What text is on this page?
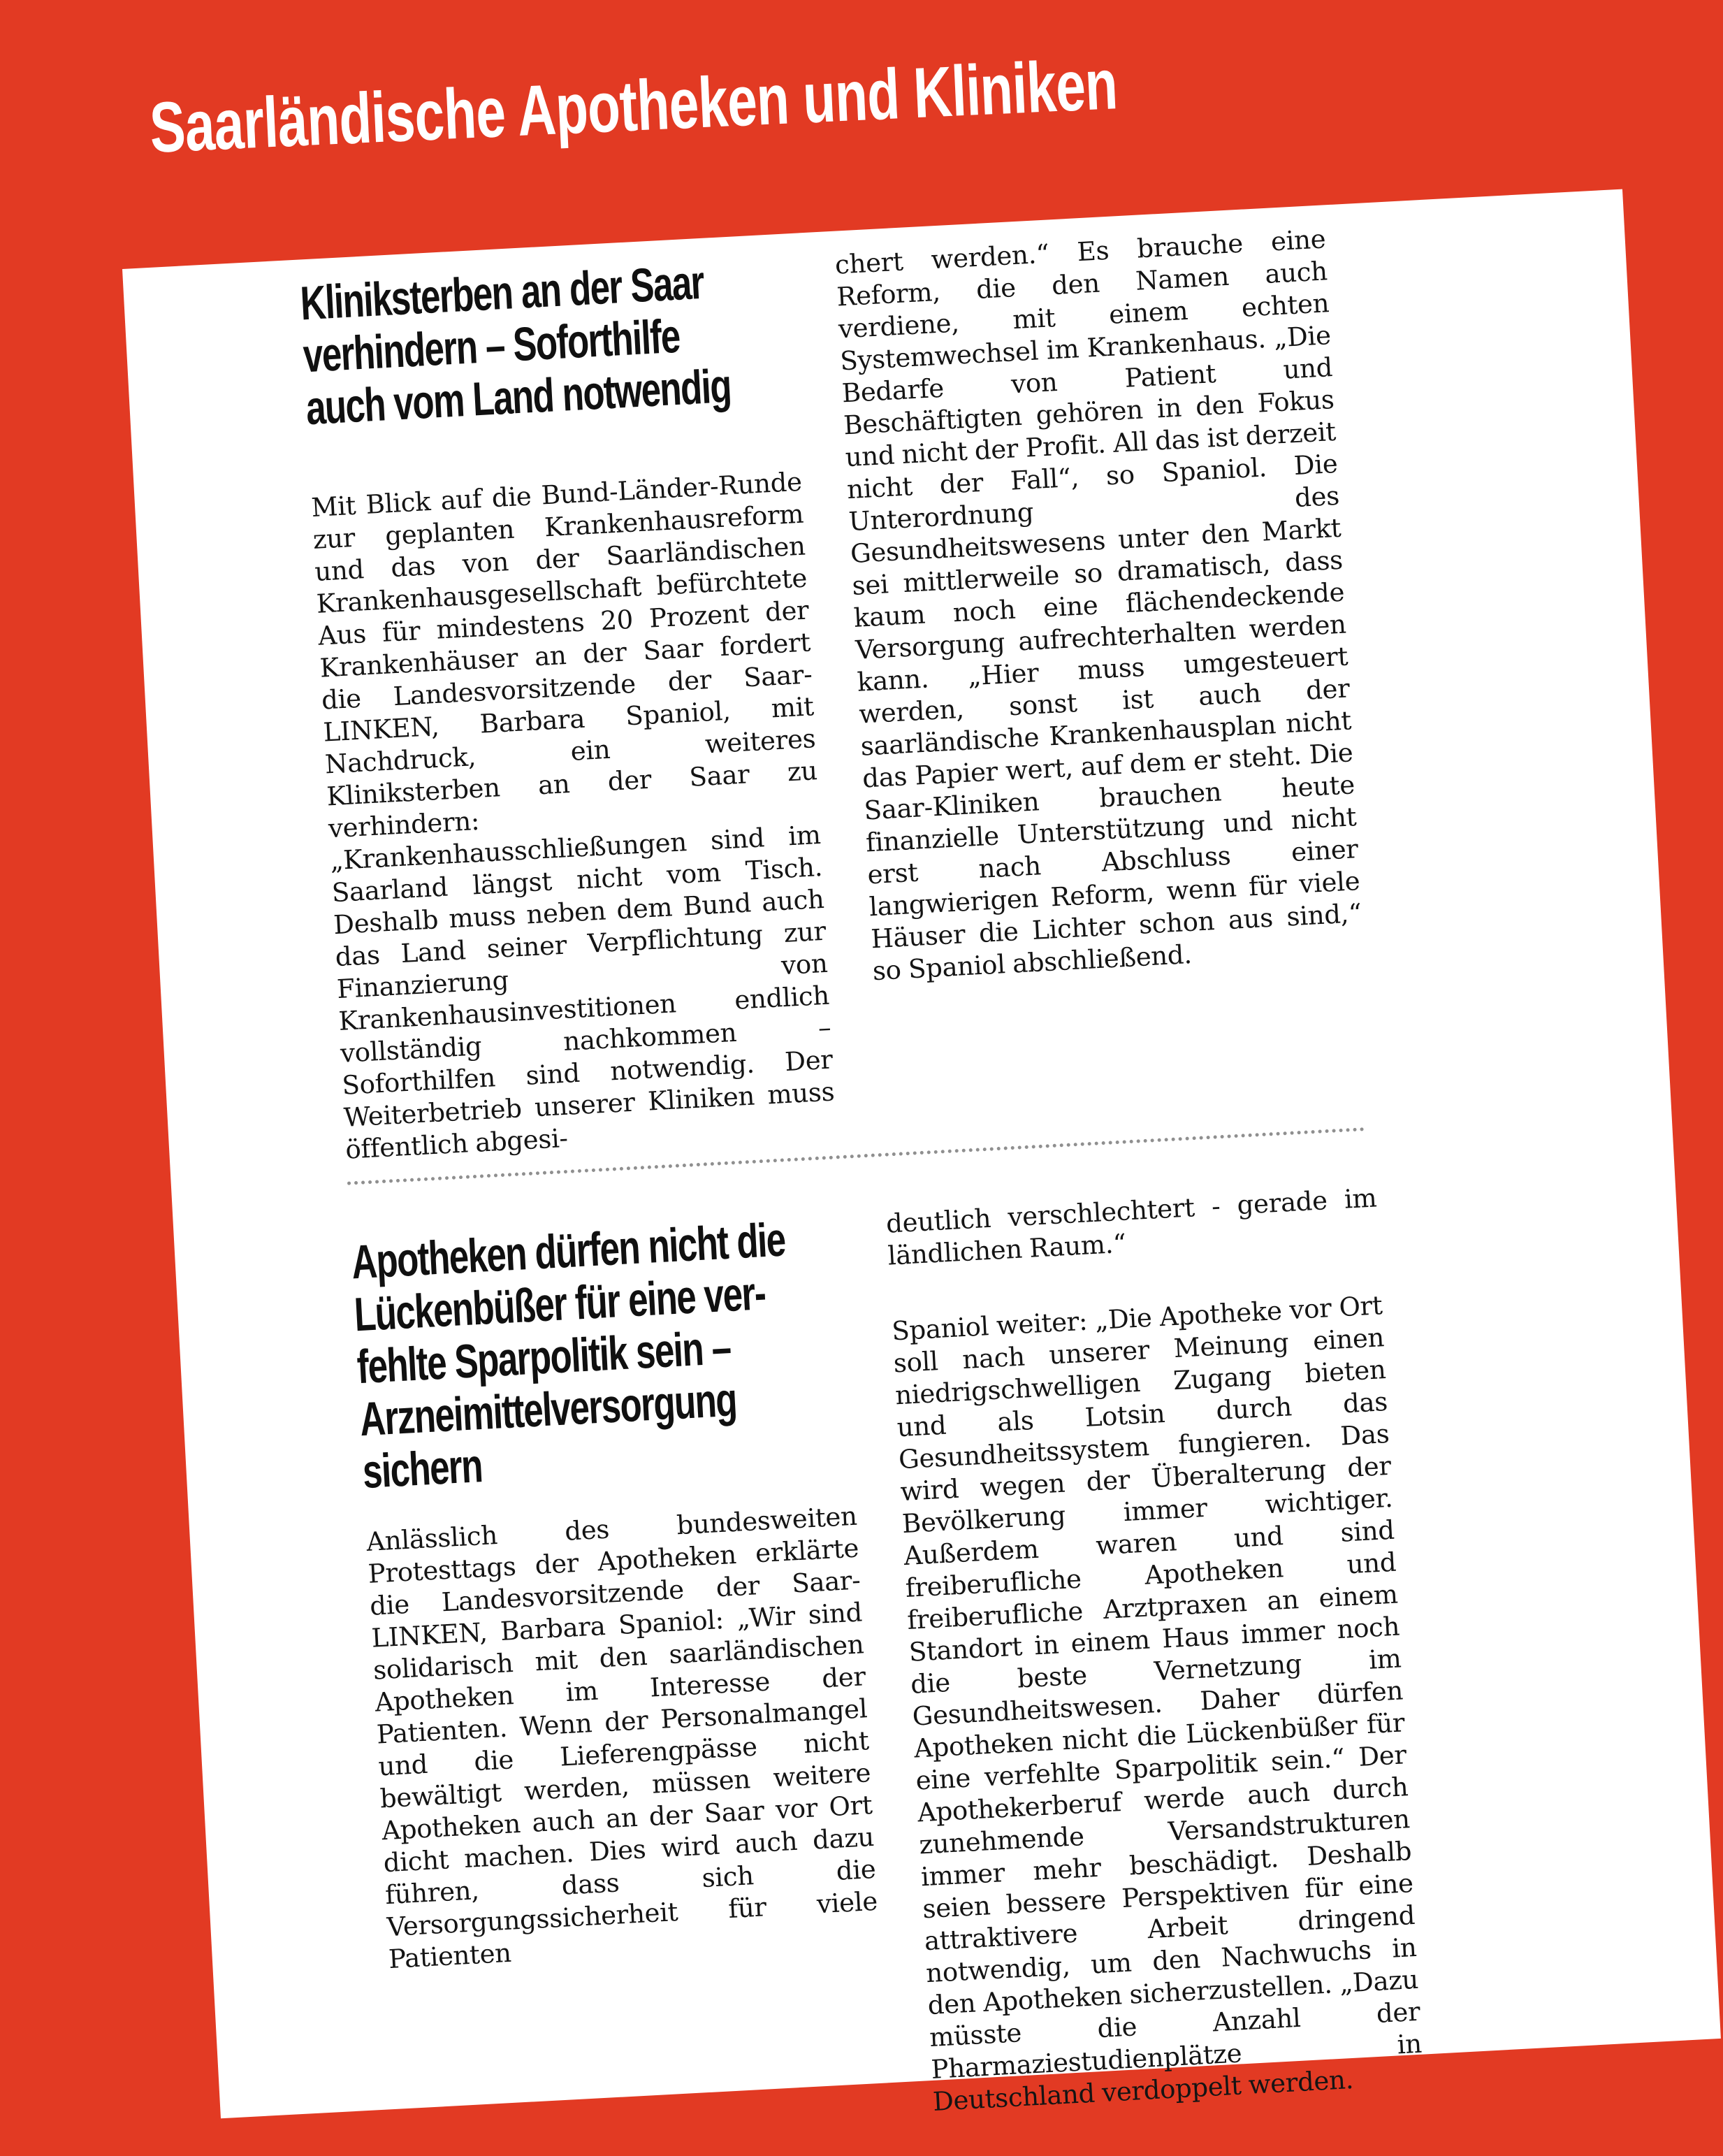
Saarländische Apotheken und Kliniken
Kliniksterben an der Saar
verhindern – Soforthilfe
auch vom Land notwendig

Mit Blick auf die Bund-Länder-Runde zur geplanten Krankenhausreform und das von der Saarländischen Krankenhausgesellschaft befürchtete Aus für mindestens 20 Prozent der Krankenhäuser an der Saar fordert die Landesvorsitzende der Saar-LINKEN, Barbara Spaniol, mit Nachdruck, ein weiteres Kliniksterben an der Saar zu verhindern: „Krankenhausschließungen sind im Saarland längst nicht vom Tisch. Deshalb muss neben dem Bund auch das Land seiner Verpflichtung zur Finanzierung von Krankenhausinvestitionen endlich vollständig nachkommen – Soforthilfen sind notwendig. Der Weiterbetrieb unserer Kliniken muss öffentlich abgesi-

chert werden.“ Es brauche eine Reform, die den Namen auch verdiene, mit einem echten Systemwechsel im Krankenhaus. „Die Bedarfe von Patient und Beschäftigten gehören in den Fokus und nicht der Profit. All das ist derzeit nicht der Fall“, so Spaniol. Die Unterordnung des Gesundheitswesens unter den Markt sei mittlerweile so dramatisch, dass kaum noch eine flächendeckende Versorgung aufrechterhalten werden kann. „Hier muss umgesteuert werden, sonst ist auch der saarländische Krankenhausplan nicht das Papier wert, auf dem er steht. Die Saar-Kliniken brauchen heute finanzielle Unterstützung und nicht erst nach Abschluss einer langwierigen Reform, wenn für viele Häuser die Lichter schon aus sind,“ so Spaniol abschließend.

Apotheken dürfen nicht die
Lückenbüßer für eine ver-
fehlte Sparpolitik sein –
Arzneimittelversorgung
sichern

Anlässlich des bundesweiten Protesttags der Apotheken erklärte die Landesvorsitzende der Saar-LINKEN, Barbara Spaniol: „Wir sind solidarisch mit den saarländischen Apotheken im Interesse der Patienten. Wenn der Personalmangel und die Lieferengpässe nicht bewältigt werden, müssen weitere Apotheken auch an der Saar vor Ort dicht machen. Dies wird auch dazu führen, dass sich die Versorgungssicherheit für viele Patienten

deutlich verschlechtert - gerade im ländlichen Raum.“

Spaniol weiter: „Die Apotheke vor Ort soll nach unserer Meinung einen niedrigschwelligen Zugang bieten und als Lotsin durch das Gesundheitssystem fungieren. Das wird wegen der Überalterung der Bevölkerung immer wichtiger. Außerdem waren und sind freiberufliche Apotheken und freiberufliche Arztpraxen an einem Standort in einem Haus immer noch die beste Vernetzung im Gesundheitswesen. Daher dürfen Apotheken nicht die Lückenbüßer für eine verfehlte Sparpolitik sein.“ Der Apothekerberuf werde auch durch zunehmende Versandstrukturen immer mehr beschädigt. Deshalb seien bessere Perspektiven für eine attraktivere Arbeit dringend notwendig, um den Nachwuchs in den Apotheken sicherzustellen. „Dazu müsste die Anzahl der Pharmaziestudienplätze in Deutschland verdoppelt werden.
